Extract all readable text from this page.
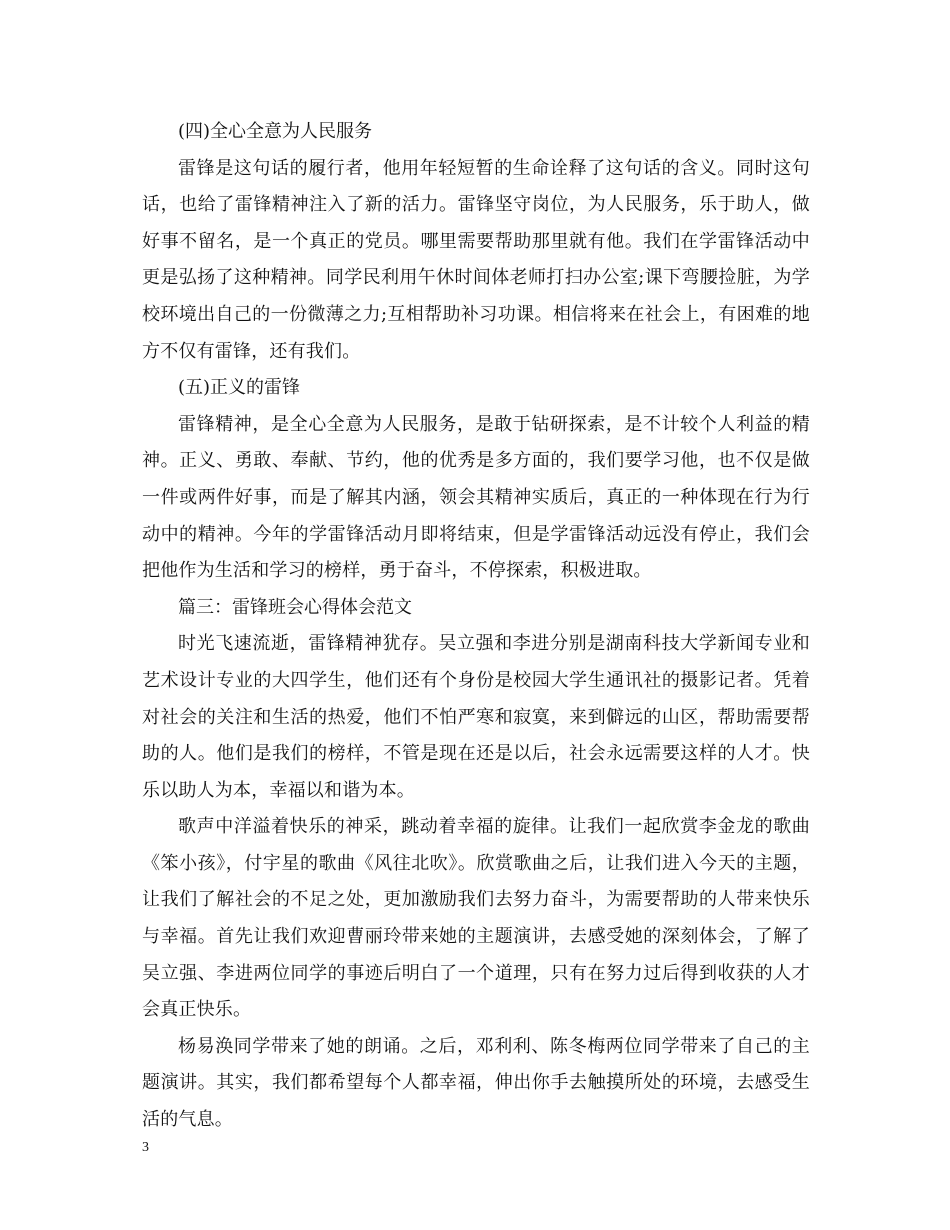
(四)全心全意为人民服务

雷锋是这句话的履行者，他用年轻短暂的生命诠释了这句话的含义。同时这句话，也给了雷锋精神注入了新的活力。雷锋坚守岗位，为人民服务，乐于助人，做好事不留名，是一个真正的党员。哪里需要帮助那里就有他。我们在学雷锋活动中更是弘扬了这种精神。同学民利用午休时间体老师打扫办公室;课下弯腰捡脏，为学校环境出自己的一份微薄之力;互相帮助补习功课。相信将来在社会上，有困难的地方不仅有雷锋，还有我们。

(五)正义的雷锋

雷锋精神，是全心全意为人民服务，是敢于钻研探索，是不计较个人利益的精神。正义、勇敢、奉献、节约，他的优秀是多方面的，我们要学习他，也不仅是做一件或两件好事，而是了解其内涵，领会其精神实质后，真正的一种体现在行为行动中的精神。今年的学雷锋活动月即将结束，但是学雷锋活动远没有停止，我们会把他作为生活和学习的榜样，勇于奋斗，不停探索，积极进取。

篇三：雷锋班会心得体会范文

时光飞速流逝，雷锋精神犹存。吴立强和李进分别是湖南科技大学新闻专业和艺术设计专业的大四学生，他们还有个身份是校园大学生通讯社的摄影记者。凭着对社会的关注和生活的热爱，他们不怕严寒和寂寞，来到僻远的山区，帮助需要帮助的人。他们是我们的榜样，不管是现在还是以后，社会永远需要这样的人才。快乐以助人为本，幸福以和谐为本。

歌声中洋溢着快乐的神采，跳动着幸福的旋律。让我们一起欣赏李金龙的歌曲《笨小孩》，付宇星的歌曲《风往北吹》。欣赏歌曲之后，让我们进入今天的主题，让我们了解社会的不足之处，更加激励我们去努力奋斗，为需要帮助的人带来快乐与幸福。首先让我们欢迎曹丽玲带来她的主题演讲，去感受她的深刻体会，了解了吴立强、李进两位同学的事迹后明白了一个道理，只有在努力过后得到收获的人才会真正快乐。

杨易涣同学带来了她的朗诵。之后，邓利利、陈冬梅两位同学带来了自己的主题演讲。其实，我们都希望每个人都幸福，伸出你手去触摸所处的环境，去感受生活的气息。

3
